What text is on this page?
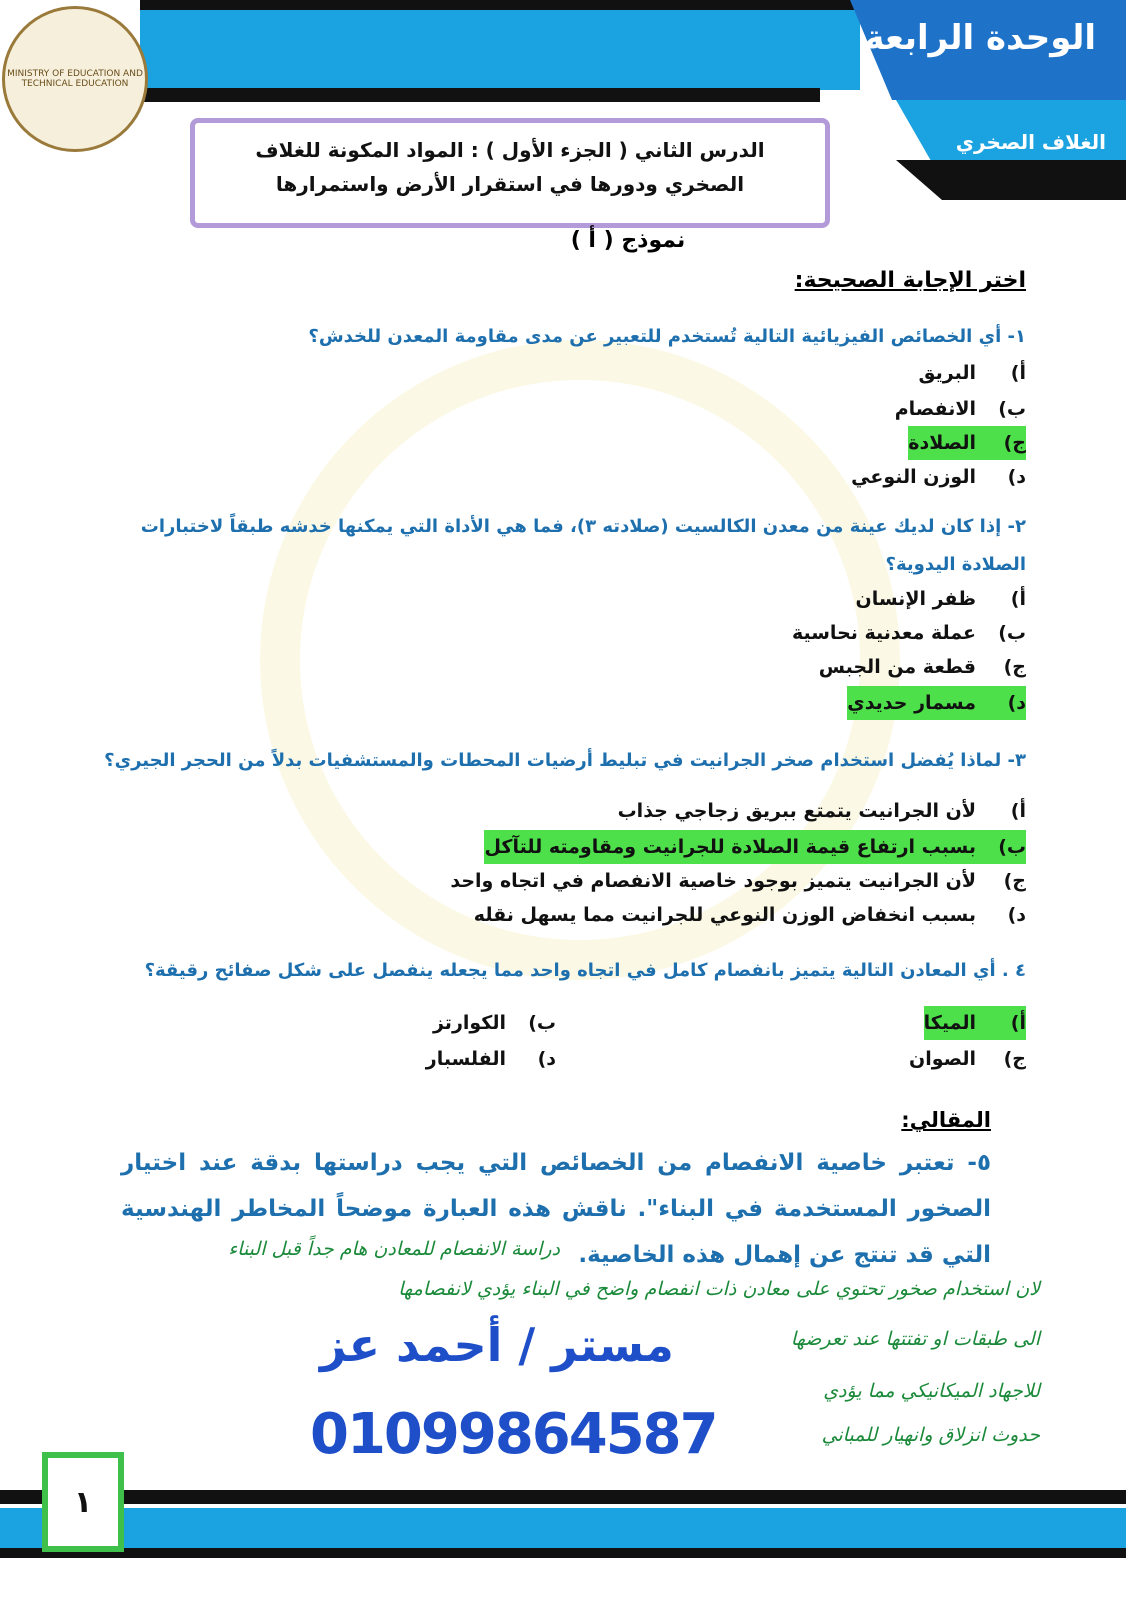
الوحدة الرابعة
الغلاف الصخري
MINISTRY OF EDUCATION AND TECHNICAL EDUCATION
الدرس الثاني ( الجزء الأول ) : المواد المكونة للغلاف
الصخري ودورها في استقرار الأرض واستمرارها
نموذج ( أ )
اختر الإجابة الصحيحة:
١- أي الخصائص الفيزيائية التالية تُستخدم للتعبير عن مدى مقاومة المعدن للخدش؟
أ)البريق
ب)الانفصام
ج)الصلادة
د)الوزن النوعي
٢- إذا كان لديك عينة من معدن الكالسيت (صلادته ٣)، فما هي الأداة التي يمكنها خدشه طبقاً لاختبارات الصلادة اليدوية؟
أ)ظفر الإنسان
ب)عملة معدنية نحاسية
ج)قطعة من الجبس
د)مسمار حديدي
٣- لماذا يُفضل استخدام صخر الجرانيت في تبليط أرضيات المحطات والمستشفيات بدلاً من الحجر الجيري؟
أ)لأن الجرانيت يتمتع ببريق زجاجي جذاب
ب)بسبب ارتفاع قيمة الصلادة للجرانيت ومقاومته للتآكل
ج)لأن الجرانيت يتميز بوجود خاصية الانفصام في اتجاه واحد
د)بسبب انخفاض الوزن النوعي للجرانيت مما يسهل نقله
٤ . أي المعادن التالية يتميز بانفصام كامل في اتجاه واحد مما يجعله ينفصل على شكل صفائح رقيقة؟
أ)الميكا
ب)الكوارتز
ج)الصوان
د)الفلسبار
المقالي:
٥- تعتبر خاصية الانفصام من الخصائص التي يجب دراستها بدقة عند اختيار الصخور المستخدمة في البناء". ناقش هذه العبارة موضحاً المخاطر الهندسية التي قد تنتج عن إهمال هذه الخاصية.
دراسة الانفصام للمعادن هام جداً قبل البناء
لان استخدام صخور تحتوي على معادن ذات انفصام واضح في البناء يؤدي لانفصامها
الى طبقات او تفتتها عند تعرضها
للاجهاد الميكانيكي مما يؤدي
حدوث انزلاق وانهيار للمباني
مستر / أحمد عز
01099864587
١
